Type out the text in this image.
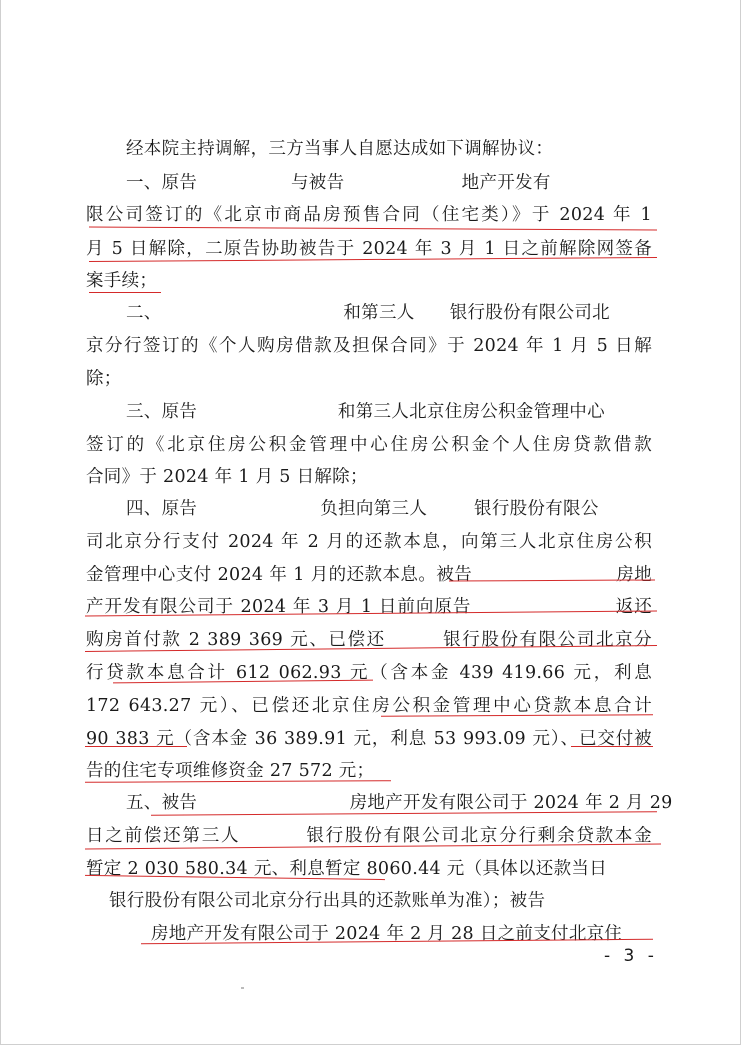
经本院主持调解，三方当事人自愿达成如下调解协议：
一、原告                与被告                    地产开发有
限公司签订的《北京市商品房预售合同（住宅类）》于 2024 年 1
月 5 日解除，二原告协助被告于 2024 年 3 月 1 日之前解除网签备
案手续；
二、                               和第三人      银行股份有限公司北
京分行签订的《个人购房借款及担保合同》于 2024 年 1 月 5 日解
除；
三、原告                        和第三人北京住房公积金管理中心
签订的《北京住房公积金管理中心住房公积金个人住房贷款借款
合同》于 2024 年 1 月 5 日解除；
四、原告                     负担向第三人        银行股份有限公
司北京分行支付 2024 年 2 月的还款本息，向第三人北京住房公积
金管理中心支付 2024 年 1 月的还款本息。被告                        房地
产开发有限公司于 2024 年 3 月 1 日前向原告                      返还
购房首付款 2 389 369 元、已偿还        银行股份有限公司北京分
行贷款本息合计 612 062.93 元（含本金 439 419.66 元，利息
172 643.27 元）、已偿还北京住房公积金管理中心贷款本息合计
90 383 元（含本金 36 389.91 元，利息 53 993.09 元）、已交付被
告的住宅专项维修资金 27 572 元；
五、被告                          房地产开发有限公司于 2024 年 2 月 29
日之前偿还第三人         银行股份有限公司北京分行剩余贷款本金
暂定 2 030 580.34 元、利息暂定 8060.44 元（具体以还款当日
银行股份有限公司北京分行出具的还款账单为准）；被告
房地产开发有限公司于 2024 年 2 月 28 日之前支付北京住
- 3 -
